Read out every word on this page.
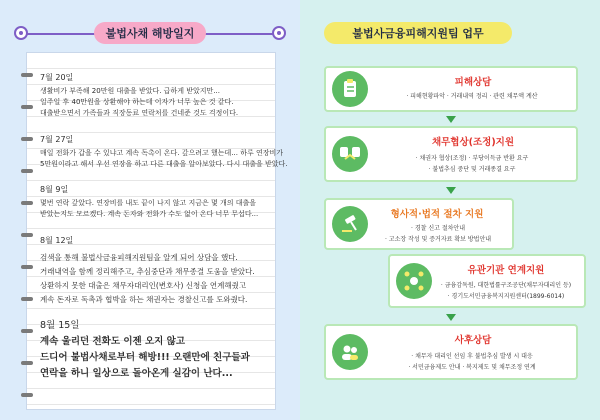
불법사채 해방일지
7월 20일
생활비가 부족해 20만원 대출을 받았다. 급하게 받았지만...
일주일 후 40만원을 상환해야 하는데 이자가 너무 높은 것 같다.
대출받으면서 가족들과 직장동료 연락처를 건네준 것도 걱정이다.
7월 27일
매일 전화가 갑을 수 있냐고 계속 독촉이 온다. 갚으려고 했는데... 하루 연장비가
5만원이라고 해서 우선 연장을 하고 다른 대출을 알아보았다. 다시 대출을 받았다.
8월 9일
몇번 연락 갚았다. 연장비를 내도 끝이 나지 않고 지금은 몇 개의 대출을
받았는지도 모르겠다. 계속 돈자와 전화가 수도 없이 온다 너무 무섭다...
8월 12일
검색을 통해 불법사금융피해지원팀을 알게 되어 상담을 했다.
거래내역을 함께 정리해주고, 추심중단과 채무종결 도움을 받았다.
상환하지 못한 대출은 채무자대리인(변호사) 신청을 연계해줬고
계속 돈자로 독촉과 협박을 하는 채권자는 경찰신고를 도와줬다.
8월 15일
계속 울리던 전화도 이젠 오지 않고
드디어 불법사채로부터 해방!!! 오랜만에 친구들과
연락을 하니 일상으로 돌아온게 실감이 난다...
불법사금융피해지원팀 업무
피해상담
· 피해현황파악 · 거래내역 정리 · 관련 채무액 계산
채무협상(조정)지원
· 채권자 협상(조정) · 부당이득금 반환 요구
· 불법추심 중단 및 거래종결 요구
형사적·법적 절차 지원
· 경찰 신고 절차안내
· 고소장 작성 및 증거자료 확보 방법안내
유관기관 연계지원
· 금융감독원, 대한법률구조공단(채무자대리인 등)
· 경기도서민금융복지지원센터(1899-6014)
사후상담
· 채무자 대리인 선임 후 불법추심 발생 시 대응
· 서민금융제도 안내 · 복지제도 및 채무조정 연계
